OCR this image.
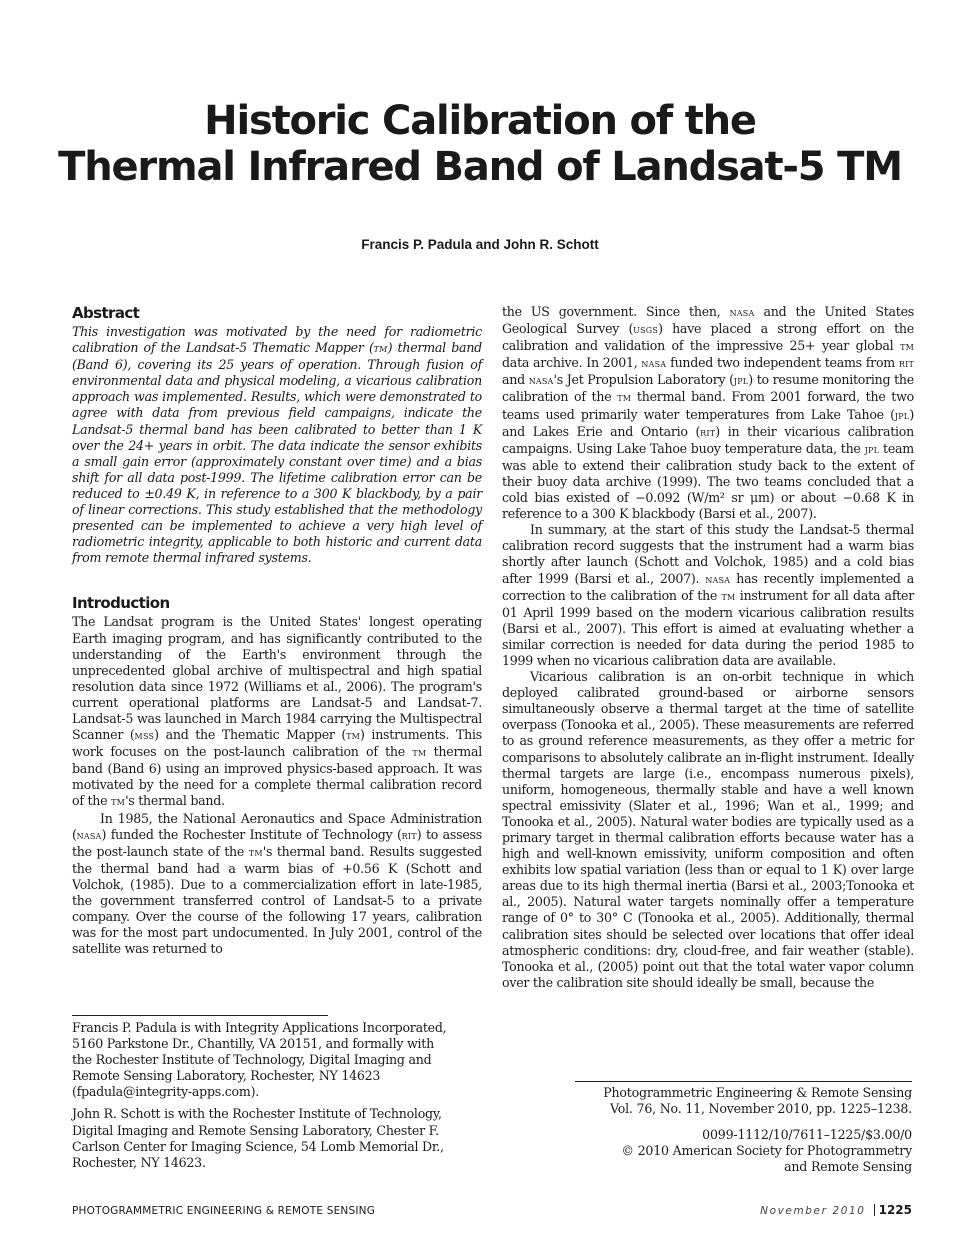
Historic Calibration of the
Thermal Infrared Band of Landsat-5 TM
Francis P. Padula and John R. Schott
Abstract

This investigation was motivated by the need for radiometric calibration of the Landsat-5 Thematic Mapper (tm) thermal band (Band 6), covering its 25 years of operation. Through fusion of environmental data and physical modeling, a vicarious calibration approach was implemented. Results, which were demonstrated to agree with data from previous field campaigns, indicate the Landsat-5 thermal band has been calibrated to better than 1 K over the 24+ years in orbit. The data indicate the sensor exhibits a small gain error (approximately constant over time) and a bias shift for all data post-1999. The lifetime calibration error can be reduced to ±0.49 K, in reference to a 300 K blackbody, by a pair of linear corrections. This study established that the methodology presented can be implemented to achieve a very high level of radiometric integrity, applicable to both historic and current data from remote thermal infrared systems.

Introduction

The Landsat program is the United States' longest operating Earth imaging program, and has significantly contributed to the understanding of the Earth's environment through the unprecedented global archive of multispectral and high spatial resolution data since 1972 (Williams et al., 2006). The program's current operational platforms are Landsat-5 and Landsat-7. Landsat-5 was launched in March 1984 carrying the Multispectral Scanner (mss) and the Thematic Mapper (tm) instruments. This work focuses on the post-launch calibration of the tm thermal band (Band 6) using an improved physics-based approach. It was motivated by the need for a complete thermal calibration record of the tm's thermal band.

In 1985, the National Aeronautics and Space Administration (nasa) funded the Rochester Institute of Technology (rit) to assess the post-launch state of the tm's thermal band. Results suggested the thermal band had a warm bias of +0.56 K (Schott and Volchok, (1985). Due to a commercialization effort in late-1985, the government transferred control of Landsat-5 to a private company. Over the course of the following 17 years, calibration was for the most part undocumented. In July 2001, control of the satellite was returned to

the US government. Since then, nasa and the United States Geological Survey (usgs) have placed a strong effort on the calibration and validation of the impressive 25+ year global tm data archive. In 2001, nasa funded two independent teams from rit and nasa's Jet Propulsion Laboratory (jpl) to resume monitoring the calibration of the tm thermal band. From 2001 forward, the two teams used primarily water temperatures from Lake Tahoe (jpl) and Lakes Erie and Ontario (rit) in their vicarious calibration campaigns. Using Lake Tahoe buoy temperature data, the jpl team was able to extend their calibration study back to the extent of their buoy data archive (1999). The two teams concluded that a cold bias existed of −0.092 (W/m² sr μm) or about −0.68 K in reference to a 300 K blackbody (Barsi et al., 2007).

In summary, at the start of this study the Landsat-5 thermal calibration record suggests that the instrument had a warm bias shortly after launch (Schott and Volchok, 1985) and a cold bias after 1999 (Barsi et al., 2007). nasa has recently implemented a correction to the calibration of the tm instrument for all data after 01 April 1999 based on the modern vicarious calibration results (Barsi et al., 2007). This effort is aimed at evaluating whether a similar correction is needed for data during the period 1985 to 1999 when no vicarious calibration data are available.

Vicarious calibration is an on-orbit technique in which deployed calibrated ground-based or airborne sensors simultaneously observe a thermal target at the time of satellite overpass (Tonooka et al., 2005). These measurements are referred to as ground reference measurements, as they offer a metric for comparisons to absolutely calibrate an in-flight instrument. Ideally thermal targets are large (i.e., encompass numerous pixels), uniform, homogeneous, thermally stable and have a well known spectral emissivity (Slater et al., 1996; Wan et al., 1999; and Tonooka et al., 2005). Natural water bodies are typically used as a primary target in thermal calibration efforts because water has a high and well-known emissivity, uniform composition and often exhibits low spatial variation (less than or equal to 1 K) over large areas due to its high thermal inertia (Barsi et al., 2003;Tonooka et al., 2005). Natural water targets nominally offer a temperature range of 0° to 30° C (Tonooka et al., 2005). Additionally, thermal calibration sites should be selected over locations that offer ideal atmospheric conditions: dry, cloud-free, and fair weather (stable). Tonooka et al., (2005) point out that the total water vapor column over the calibration site should ideally be small, because the

Francis P. Padula is with Integrity Applications Incorporated,
5160 Parkstone Dr., Chantilly, VA 20151, and formally with
the Rochester Institute of Technology, Digital Imaging and
Remote Sensing Laboratory, Rochester, NY 14623
(fpadula@integrity-apps.com).

John R. Schott is with the Rochester Institute of Technology,
Digital Imaging and Remote Sensing Laboratory, Chester F.
Carlson Center for Imaging Science, 54 Lomb Memorial Dr.,
Rochester, NY 14623.

Photogrammetric Engineering & Remote Sensing

Vol. 76, No. 11, November 2010, pp. 1225–1238.

0099-1112/10/7611–1225/$3.00/0

© 2010 American Society for Photogrammetry

and Remote Sensing

PHOTOGRAMMETRIC ENGINEERING & REMOTE SENSING	November 2010 1225
